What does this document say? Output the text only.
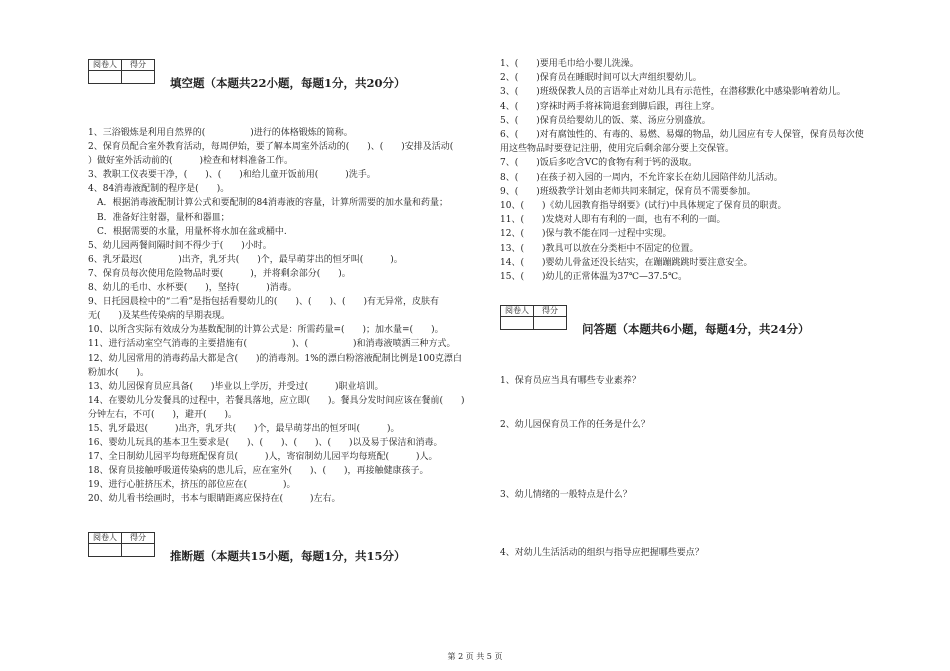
阅卷人	得分

填空题（本题共22小题，每题1分，共20分）
1、三浴锻炼是利用自然界的(　　　　　)进行的体格锻炼的简称。
2、保育员配合室外教育活动，每周伊始，要了解本周室外活动的(　　)、(　　)安排及活动(
）做好室外活动前的(　　　)检查和材料准备工作。
3、教职工仪表要干净，(　　)、(　　)和给儿童开饭前用(　　　)洗手。
4、84消毒液配制的程序是(　　)。
　A．根据消毒液配制计算公式和要配制的84消毒液的容量，计算所需要的加水量和药量；
　B．准备好注射器，量杯和器皿；
　C．根据需要的水量，用量杯将水加在盆或桶中.
5、幼儿园两餐间隔时间不得少于(　　)小时。
6、乳牙最迟(　　　　)出齐，乳牙共(　　)个，最早萌芽出的恒牙叫(　　　)。
7、保育员每次使用危险物品时要(　　　)，并将剩余部分(　　)。
8、幼儿的毛巾、水杯要(　　)，坚持(　　　)消毒。
9、日托园晨检中的“二看”是指包括看婴幼儿的(　　)、(　　)、(　　)有无异常，皮肤有
无(　　)及某些传染病的早期表现。
10、以所含实际有效成分为基数配制的计算公式是：所需药量=(　　)；加水量=(　　)。
11、进行活动室空气消毒的主要措施有(　　　　　)、(　　　　　)和消毒液喷洒三种方式。
12、幼儿园常用的消毒药品大都是含(　　)的消毒剂。1%的漂白粉溶液配制比例是100克漂白
粉加水(　　)。
13、幼儿园保育员应具备(　　)毕业以上学历，并受过(　　　)职业培训。
14、在婴幼儿分发餐具的过程中，若餐具落地，应立即(　　)。餐具分发时间应该在餐前(　　)
分钟左右，不可(　　)，避开(　　)。
15、乳牙最迟(　　　)出齐，乳牙共(　　)个，最早萌芽出的恒牙叫(　　　)。
16、婴幼儿玩具的基本卫生要求是(　　)、(　　)、(　　)、(　　)以及易于保洁和消毒。
17、全日制幼儿园平均每班配保育员(　　　)人，寄宿制幼儿园平均每班配(　　　)人。
18、保育员接触呼吸道传染病的患儿后，应在室外(　　)、(　　)，再接触健康孩子。
19、进行心脏挤压术，挤压的部位应在(　　　　)。
20、幼儿看书绘画时，书本与眼睛距离应保持在(　　　)左右。
阅卷人	得分

推断题（本题共15小题，每题1分，共15分）
1、(　　)要用毛巾给小婴儿洗澡。
2、(　　)保育员在睡眠时间可以大声组织婴幼儿。
3、(　　)班级保教人员的言语举止对幼儿具有示范性，在潜移默化中感染影响着幼儿。
4、(　　)穿袜时两手将袜筒退套到脚后跟，再往上穿。
5、(　　)保育员给婴幼儿的饭、菜、汤应分别盛放。
6、(　　)对有腐蚀性的、有毒的、易燃、易爆的物品，幼儿园应有专人保管，保育员每次使
用这些物品时要登记注册，使用完后剩余部分要上交保管。
7、(　　)饭后多吃含VC的食物有利于钙的汲取。
8、(　　)在孩子初入园的一周内，不允许家长在幼儿园陪伴幼儿活动。
9、(　　)班级教学计划由老师共同来制定，保育员不需要参加。
10、(　　)《幼儿园教育指导纲要》(试行)中具体规定了保育员的职责。
11、(　　)发烧对人即有有利的一面，也有不利的一面。
12、(　　)保与教不能在同一过程中实现。
13、(　　)教具可以放在分类柜中不固定的位置。
14、(　　)婴幼儿骨盆还没长结实，在蹦蹦跳跳时要注意安全。
15、(　　)幼儿的正常体温为37℃—37.5℃。
阅卷人	得分

问答题（本题共6小题，每题4分，共24分）
1、保育员应当具有哪些专业素养？
2、幼儿园保育员工作的任务是什么？
3、幼儿情绪的一般特点是什么？
4、对幼儿生活活动的组织与指导应把握哪些要点？
第 2 页 共 5 页
